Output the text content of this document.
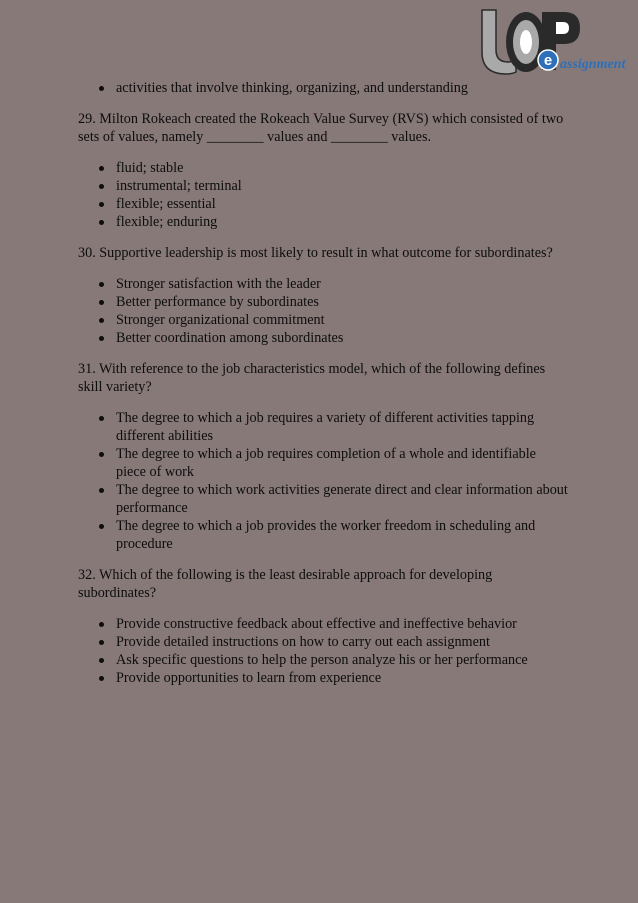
e assignment
activities that involve thinking, organizing, and understanding

29. Milton Rokeach created the Rokeach Value Survey (RVS) which consisted of two sets of values, namely ________ values and ________ values.

fluid; stable
instrumental; terminal
flexible; essential
flexible; enduring

30. Supportive leadership is most likely to result in what outcome for subordinates?

Stronger satisfaction with the leader
Better performance by subordinates
Stronger organizational commitment
Better coordination among subordinates

31. With reference to the job characteristics model, which of the following defines skill variety?

The degree to which a job requires a variety of different activities tapping different abilities
The degree to which a job requires completion of a whole and identifiable piece of work
The degree to which work activities generate direct and clear information about performance
The degree to which a job provides the worker freedom in scheduling and procedure

32. Which of the following is the least desirable approach for developing subordinates?

Provide constructive feedback about effective and ineffective behavior
Provide detailed instructions on how to carry out each assignment
Ask specific questions to help the person analyze his or her performance
Provide opportunities to learn from experience
